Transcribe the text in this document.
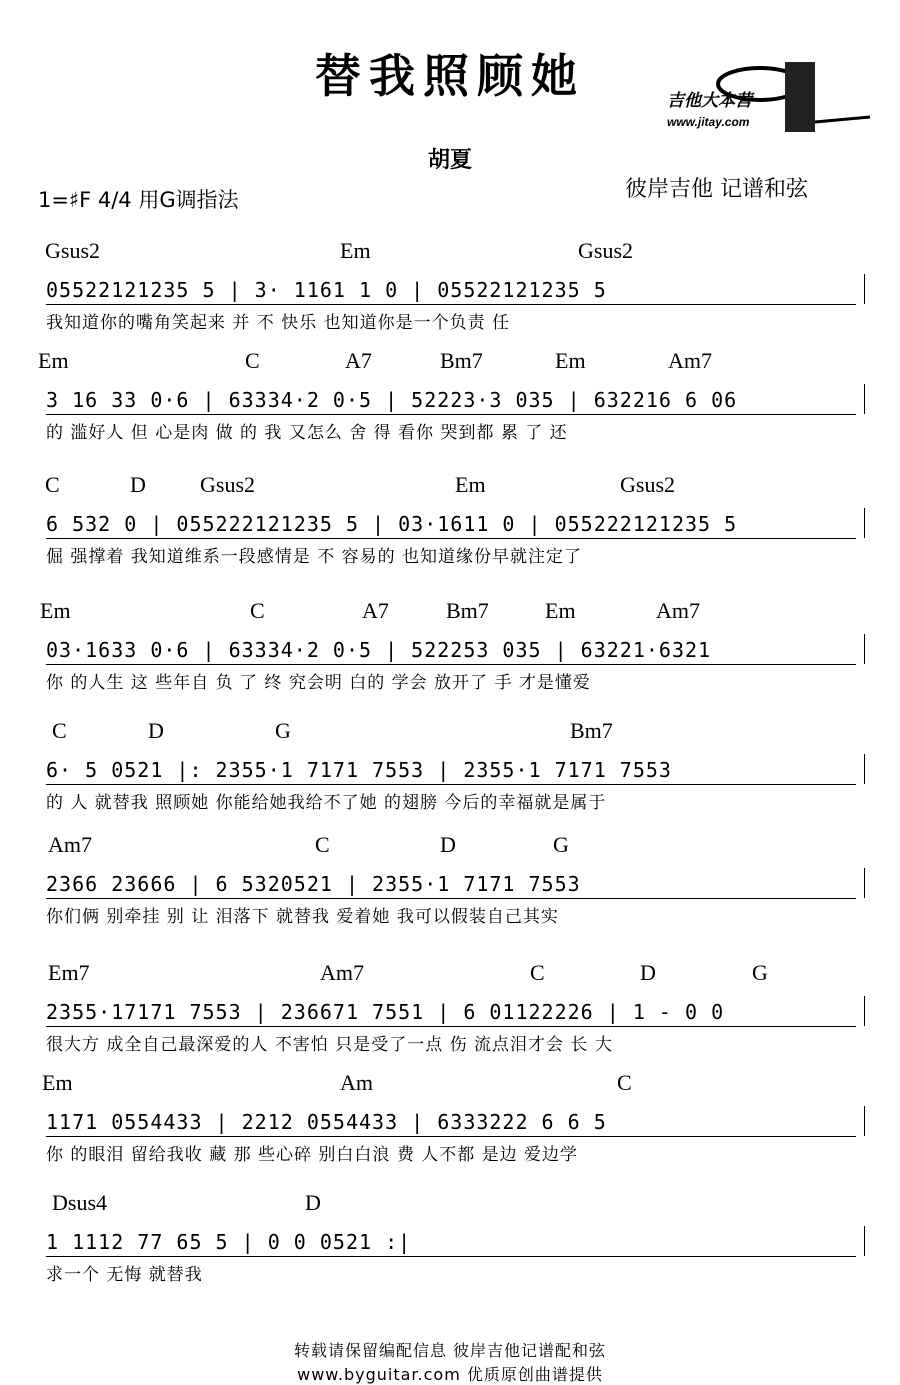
替我照顾她
胡夏
1=♯F 4/4 用G调指法	彼岸吉他 记谱和弦
吉他大本营
www.jitay.com
Gsus2	Em	Gsus2
05522121235 5 | 3· 1161 1 0 | 05522121235 5
我知道你的嘴角笑起来 并 不 快乐 也知道你是一个负责 任
Em	C	A7	Bm7	Em	Am7
3 16 33 0·6 | 63334·2 0·5 | 52223·3 035 | 632216 6 06
的 滥好人 但 心是肉 做 的 我 又怎么 舍 得 看你 哭到都 累 了 还
C	D Gsus2	Em	Gsus2
6 532 0 | 055222121235 5 | 03·1611 0 | 055222121235 5
倔 强撑着 我知道维系一段感情是 不 容易的 也知道缘份早就注定了
Em	C	A7	Bm7	Em	Am7
03·1633 0·6 | 63334·2 0·5 | 522253 035 | 63221·6321
你 的人生 这 些年自 负 了 终 究会明 白的 学会 放开了 手 才是懂爱
C	D	G	Bm7
6· 5 0521 |: 2355·1 7171 7553 | 2355·1 7171 7553
的 人 就替我 照顾她 你能给她我给不了她 的翅膀 今后的幸福就是属于
Am7	C	D	G
2366 23666 | 6 5320521 | 2355·1 7171 7553
你们俩 别牵挂 别 让 泪落下 就替我 爱着她 我可以假装自己其实
Em7	Am7	C	D	G
2355·17171 7553 | 236671 7551 | 6 01122226 | 1 - 0 0
很大方 成全自己最深爱的人 不害怕 只是受了一点 伤 流点泪才会 长 大
Em	Am	C
1171 0554433 | 2212 0554433 | 6333222 6 6 5
你 的眼泪 留给我收 藏 那 些心碎 别白白浪 费 人不都 是边 爱边学
Dsus4	D
1 1112 77 65 5 | 0 0 0521 :|
求一个 无悔 就替我
转载请保留编配信息 彼岸吉他记谱配和弦
www.byguitar.com 优质原创曲谱提供
